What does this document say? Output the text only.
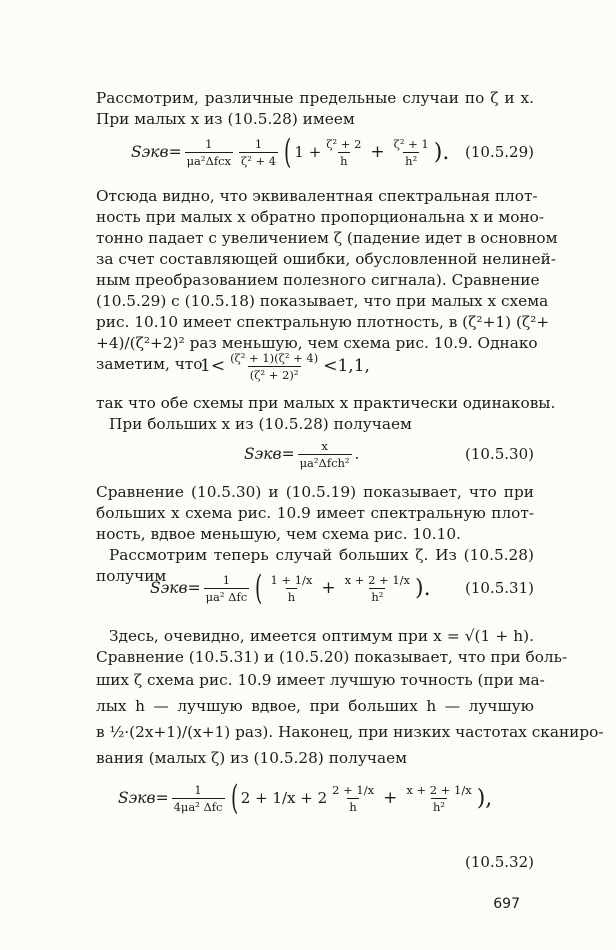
Рассмотрим, различные предельные случаи по ζ и x.

При малых x из (10.5.28) имеем

Sэкв= $\frac{1}{\text{μa²Δfcx}} \frac{1}{\text{ζ² + 4}}$ ( $1 + \frac{\text{ζ² + 2}}{h} + \frac{\text{ζ² + 1}}{\text{h²}}$ ). (10.5.29)

Отсюда видно, что эквивалентная спектральная плот-

ность при малых x обратно пропорциональна x и моно-

тонно падает с увеличением ζ (падение идет в основном

за счет составляющей ошибки, обусловленной нелиней-

ным преобразованием полезного сигнала). Сравнение

(10.5.29) с (10.5.18) показывает, что при малых x схема

рис. 10.10 имеет спектральную плотность, в (ζ²+1) (ζ²+

+4)/(ζ²+2)² раз меньшую, чем схема рис. 10.9. Однако

заметим, что

$1< \frac{\text{(ζ² + 1)(ζ² + 4)}}{\text{(ζ² + 2)²}} <1,1$,

так что обе схемы при малых x практически одинаковы.

При больших x из (10.5.28) получаем

Sэкв= $\frac{x}{\text{μa²Δfch²}}$ .	(10.5.30)

Сравнение (10.5.30) и (10.5.19) показывает, что при

больших x схема рис. 10.9 имеет спектральную плот-

ность, вдвое меньшую, чем схема рис. 10.10.

Рассмотрим теперь случай больших ζ. Из (10.5.28)

получим

Sэкв= $\frac{1}{\text{μa² Δfc}}$ ( $\frac{1 + 1/x}{h} + \frac{x + 2 + 1/x}{\text{h²}}$ ). (10.5.31)

Здесь, очевидно, имеется оптимум при x = √(1 + h).

Сравнение (10.5.31) и (10.5.20) показывает, что при боль-

ших ζ схема рис. 10.9 имеет лучшую точность (при ма-

лых h — лучшую вдвое, при больших h — лучшую

в ½·(2x+1)/(x+1) раз). Наконец, при низких частотах сканиро-

вания (малых ζ) из (10.5.28) получаем

Sэкв= $\frac{1}{\text{4μa² Δfc}}$ ( $2 + 1/x + 2 \frac{2 + 1/x}{h} + \frac{x + 2 + 1/x}{\text{h²}}$ ),
(10.5.32)
697
